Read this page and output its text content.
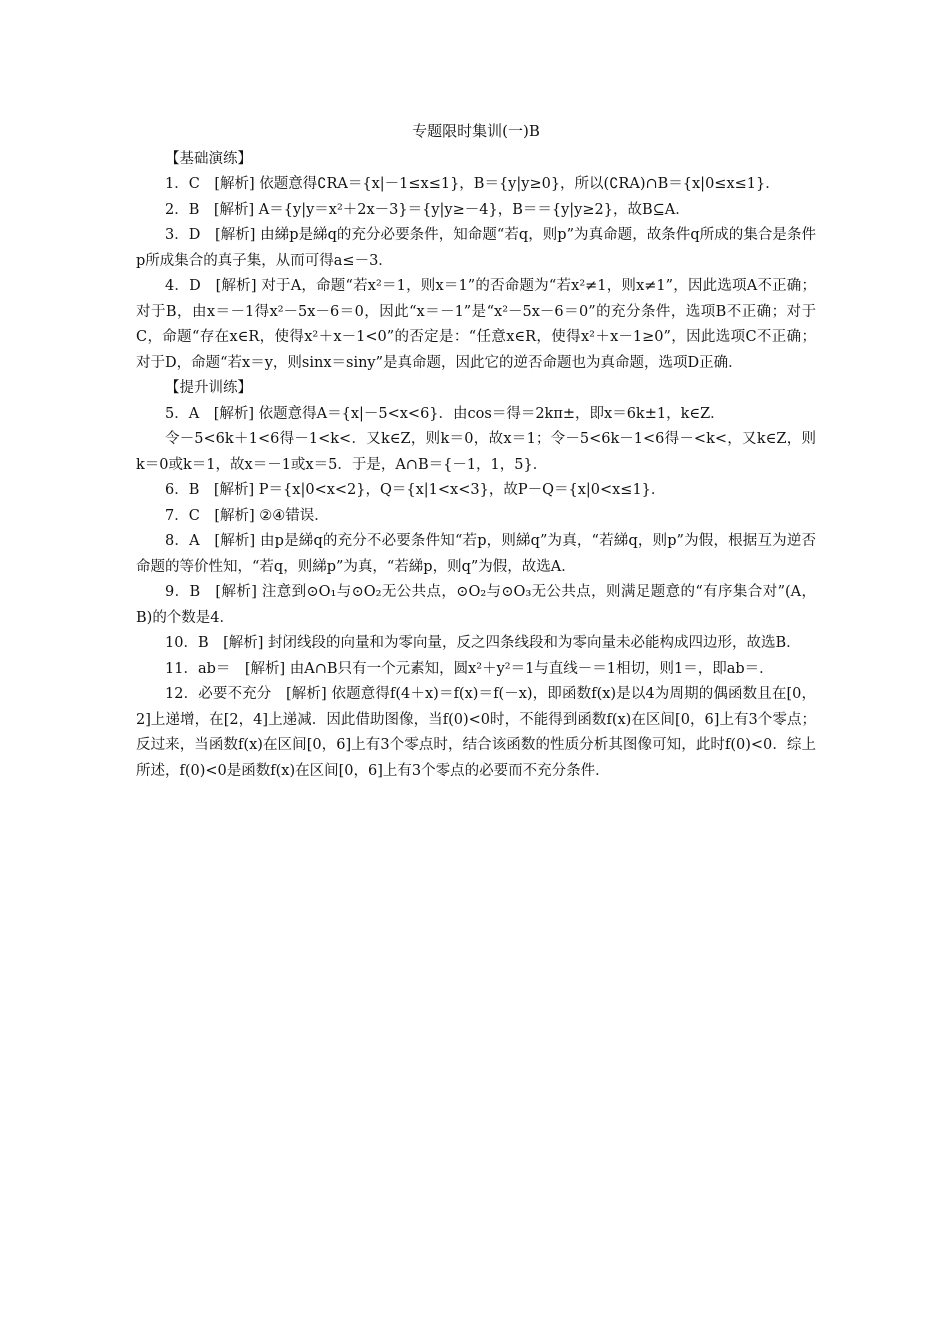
专题限时集训(一)B

【基础演练】

1．C　[解析] 依题意得∁RA＝{x|－1≤x≤1}，B＝{y|y≥0}，所以(∁RA)∩B＝{x|0≤x≤1}．

2．B　[解析] A＝{y|y＝x²＋2x－3}＝{y|y≥－4}，B＝＝{y|y≥2}，故B⊆A．

3．D　[解析] 由綈p是綈q的充分必要条件，知命题“若q，则p”为真命题，故条件q所成的集合是条件p所成集合的真子集，从而可得a≤－3．

4．D　[解析] 对于A，命题“若x²＝1，则x＝1”的否命题为“若x²≠1，则x≠1”，因此选项A不正确；对于B，由x＝－1得x²－5x－6＝0，因此“x＝－1”是“x²－5x－6＝0”的充分条件，选项B不正确；对于C，命题“存在x∈R，使得x²＋x－1<0”的否定是：“任意x∈R，使得x²＋x－1≥0”，因此选项C不正确；对于D，命题“若x＝y，则sinx＝siny”是真命题，因此它的逆否命题也为真命题，选项D正确．

【提升训练】

5．A　[解析] 依题意得A＝{x|－5<x<6}．由cos＝得＝2kπ±，即x＝6k±1，k∈Z．

令－5<6k＋1<6得－1<k<．又k∈Z，则k＝0，故x＝1；令－5<6k－1<6得－<k<，又k∈Z，则k＝0或k＝1，故x＝－1或x＝5．于是，A∩B＝{－1，1，5}．

6．B　[解析] P＝{x|0<x<2}，Q＝{x|1<x<3}，故P－Q＝{x|0<x≤1}．

7．C　[解析] ②④错误．

8．A　[解析] 由p是綈q的充分不必要条件知“若p，则綈q”为真，“若綈q，则p”为假，根据互为逆否命题的等价性知，“若q，则綈p”为真，“若綈p，则q”为假，故选A．

9．B　[解析] 注意到⊙O₁与⊙O₂无公共点，⊙O₂与⊙O₃无公共点，则满足题意的“有序集合对”(A，B)的个数是4．

10．B　[解析] 封闭线段的向量和为零向量，反之四条线段和为零向量未必能构成四边形，故选B．

11．ab＝　[解析] 由A∩B只有一个元素知，圆x²＋y²＝1与直线－＝1相切，则1＝，即ab＝．

12．必要不充分　[解析] 依题意得f(4＋x)＝f(x)＝f(－x)，即函数f(x)是以4为周期的偶函数且在[0，2]上递增，在[2，4]上递减．因此借助图像，当f(0)<0时，不能得到函数f(x)在区间[0，6]上有3个零点；反过来，当函数f(x)在区间[0，6]上有3个零点时，结合该函数的性质分析其图像可知，此时f(0)<0．综上所述，f(0)<0是函数f(x)在区间[0，6]上有3个零点的必要而不充分条件．
